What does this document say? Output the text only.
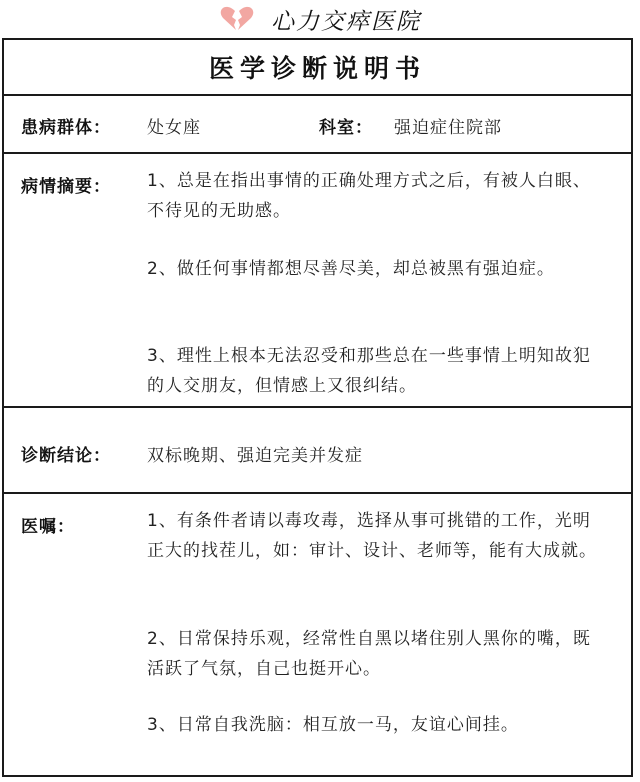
心力交瘁医院
医学诊断说明书
患病群体： 处女座	科室： 强迫症住院部
病情摘要： 1、总是在指出事情的正确处理方式之后，有被人白眼、不待见的无助感。
2、做任何事情都想尽善尽美，却总被黑有强迫症。
3、理性上根本无法忍受和那些总在一些事情上明知故犯的人交朋友，但情感上又很纠结。
诊断结论： 双标晚期、强迫完美并发症
医嘱：	1、有条件者请以毒攻毒，选择从事可挑错的工作，光明正大的找茬儿，如：审计、设计、老师等，能有大成就。
2、日常保持乐观，经常性自黑以堵住别人黑你的嘴，既活跃了气氛，自己也挺开心。
3、日常自我洗脑：相互放一马，友谊心间挂。
